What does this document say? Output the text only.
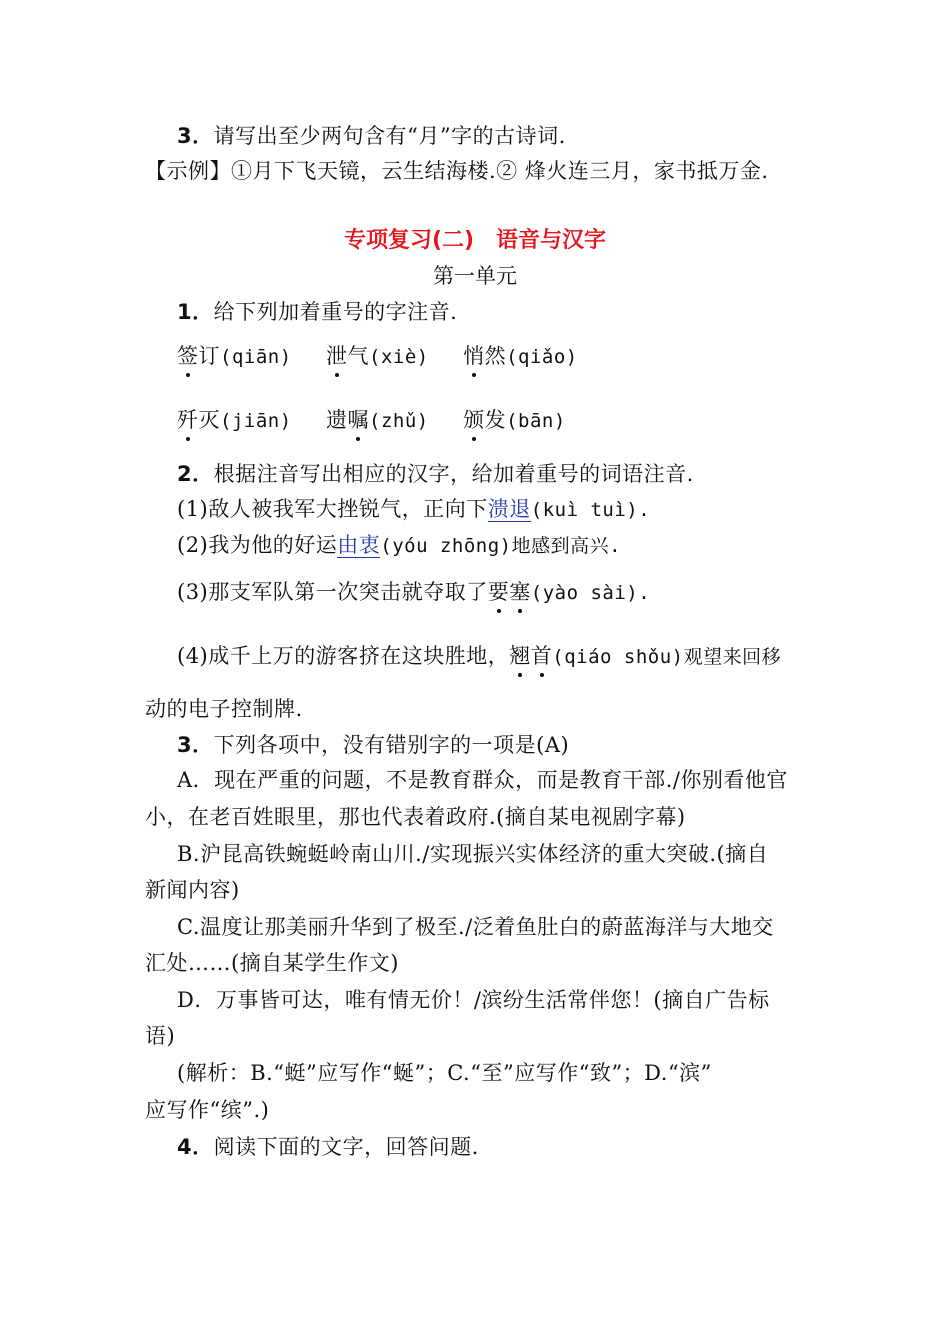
3．请写出至少两句含有“月”字的古诗词.
【示例】①月下飞天镜，云生结海楼.② 烽火连三月，家书抵万金.
专项复习(二)　语音与汉字
第一单元
1．给下列加着重号的字注音.
签订(qiān) 泄气(xiè) 悄然(qiǎo)
歼灭(jiān) 遗嘱(zhǔ) 颁发(bān)
2．根据注音写出相应的汉字，给加着重号的词语注音.
(1)敌人被我军大挫锐气，正向下溃退(kuì tuì).
(2)我为他的好运由衷(yóu zhōng)地感到高兴.
(3)那支军队第一次突击就夺取了要塞(yào sài).
(4)成千上万的游客挤在这块胜地，翘首(qiáo shǒu)观望来回移
动的电子控制牌.
3．下列各项中，没有错别字的一项是(A)
A．现在严重的问题，不是教育群众，而是教育干部./你别看他官
小，在老百姓眼里，那也代表着政府.(摘自某电视剧字幕)
B.沪昆高铁蜿蜓岭南山川./实现振兴实体经济的重大突破.(摘自
新闻内容)
C.温度让那美丽升华到了极至./泛着鱼肚白的蔚蓝海洋与大地交
汇处……(摘自某学生作文)
D．万事皆可达，唯有情无价！/滨纷生活常伴您！(摘自广告标
语)
(解析：B.“蜓”应写作“蜒”；C.“至”应写作“致”；D.“滨”
应写作“缤”.)
4．阅读下面的文字，回答问题.
